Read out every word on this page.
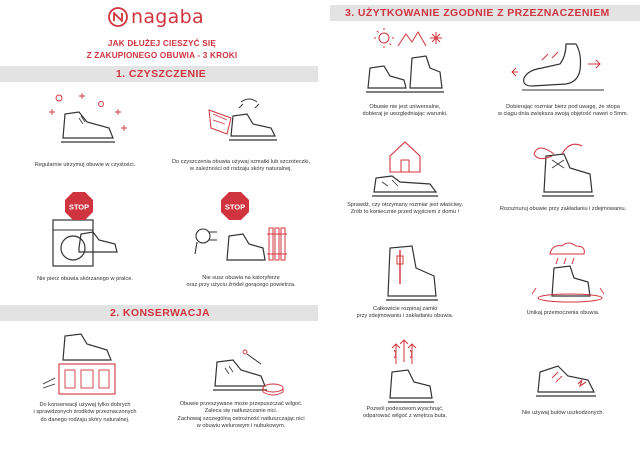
nagaba
JAK DŁUŻEJ CIESZYĆ SIĘ
Z ZAKUPIONEGO OBUWIA - 3 KROKI
1. CZYSZCZENIE
2. KONSERWACJA
3. UŻYTKOWANIE ZGODNIE Z PRZEZNACZENIEM
Regularnie utrzymuj obuwie w czystości.	Do czyszczenia obuwia używaj szmatki lub szczoteczki,
w zależności od rodzaju skóry naturalnej.
STOP
Nie pierz obuwia skórzanego w pralce.
STOP
Nie susz obuwia na kaloryferze
oraz przy użyciu źródeł gorącego powietrza.
Do konserwacji używaj tylko dobrych
i sprawdzonych środków przeznaczonych
do danego rodzaju skóry naturalnej.
Obuwie przeszywane może przepuszczać wilgoć.
Zaleca się natłuszczanie nici.
Zachowaj szczególną ostrożność natłuszczając nici
w obuwiu welurowym i nubukowym.
Obuwie nie jest uniwersalne,
dobieraj je uwzględniając warunki.
Dobierając rozmiar bierz pod uwagę, że stopa
w ciągu dnia zwiększa swoją objętość nawet o 5mm.
Sprawdź, czy otrzymany rozmiar jest właściwy.
Zrób to koniecznie przed wyjściem z domu !
Rozsznuruj obuwie przy zakładaniu i zdejmowaniu.
Całkowicie rozpinaj zamki
przy zdejmowaniu i zakładaniu obuwia.
Unikaj przemoczenia obuwia.
Pozwól podeszwom wyschnąć,
odparować wilgoć z wnętrza buta.
Nie używaj butów uszkodzonych.
